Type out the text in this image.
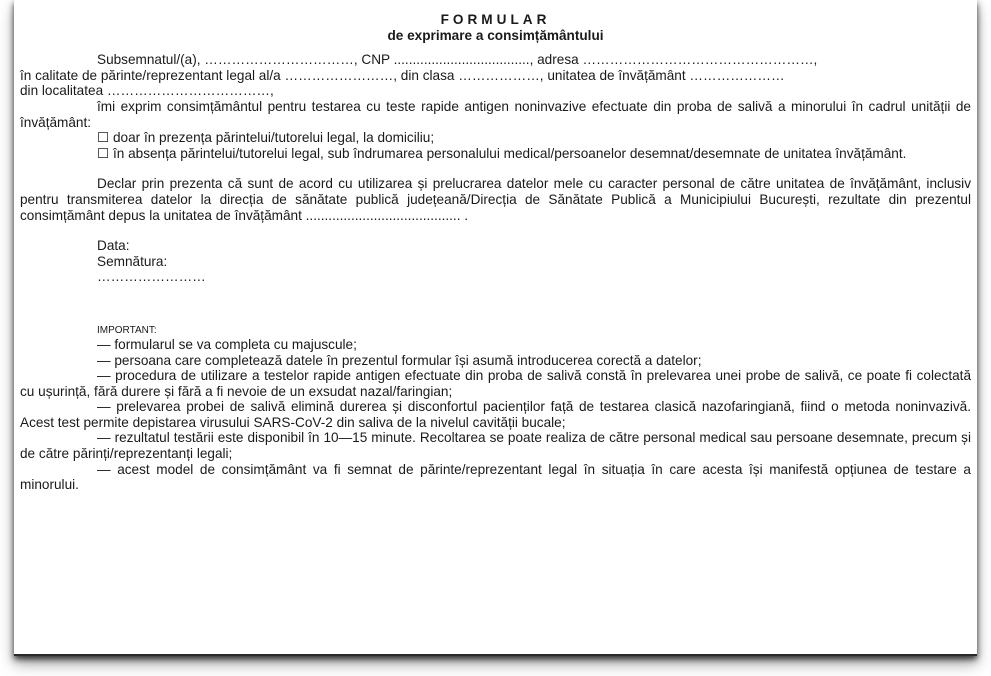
FORMULAR
de exprimare a consimțământului

Subsemnatul/(a), ……………………………, CNP ...................................., adresa ……………………………………………,

în calitate de părinte/reprezentant legal al/a ……………………, din clasa ………………, unitatea de învățământ …………………

din localitatea ………………………………,

îmi exprim consimțământul pentru testarea cu teste rapide antigen noninvazive efectuate din proba de salivă a minorului în cadrul unității de învățământ:

☐ doar în prezența părintelui/tutorelui legal, la domiciliu;

☐ în absența părintelui/tutorelui legal, sub îndrumarea personalului medical/persoanelor desemnat/desemnate de unitatea învățământ.

Declar prin prezenta că sunt de acord cu utilizarea și prelucrarea datelor mele cu caracter personal de către unitatea de învățământ, inclusiv pentru transmiterea datelor la direcția de sănătate publică județeană/Direcția de Sănătate Publică a Municipiului București, rezultate din prezentul consimțământ depus la unitatea de învățământ ......................................... .

Data:

Semnătura:

……………………

IMPORTANT:

— formularul se va completa cu majuscule;

— persoana care completează datele în prezentul formular își asumă introducerea corectă a datelor;

— procedura de utilizare a testelor rapide antigen efectuate din proba de salivă constă în prelevarea unei probe de salivă, ce poate fi colectată cu ușurință, fără durere și fără a fi nevoie de un exsudat nazal/faringian;

— prelevarea probei de salivă elimină durerea și disconfortul pacienților față de testarea clasică nazofaringiană, fiind o metoda noninvazivă. Acest test permite depistarea virusului SARS-CoV-2 din saliva de la nivelul cavității bucale;

— rezultatul testării este disponibil în 10—15 minute. Recoltarea se poate realiza de către personal medical sau persoane desemnate, precum și de către părinți/reprezentanți legali;

— acest model de consimțământ va fi semnat de părinte/reprezentant legal în situația în care acesta își manifestă opțiunea de testare a minorului.
